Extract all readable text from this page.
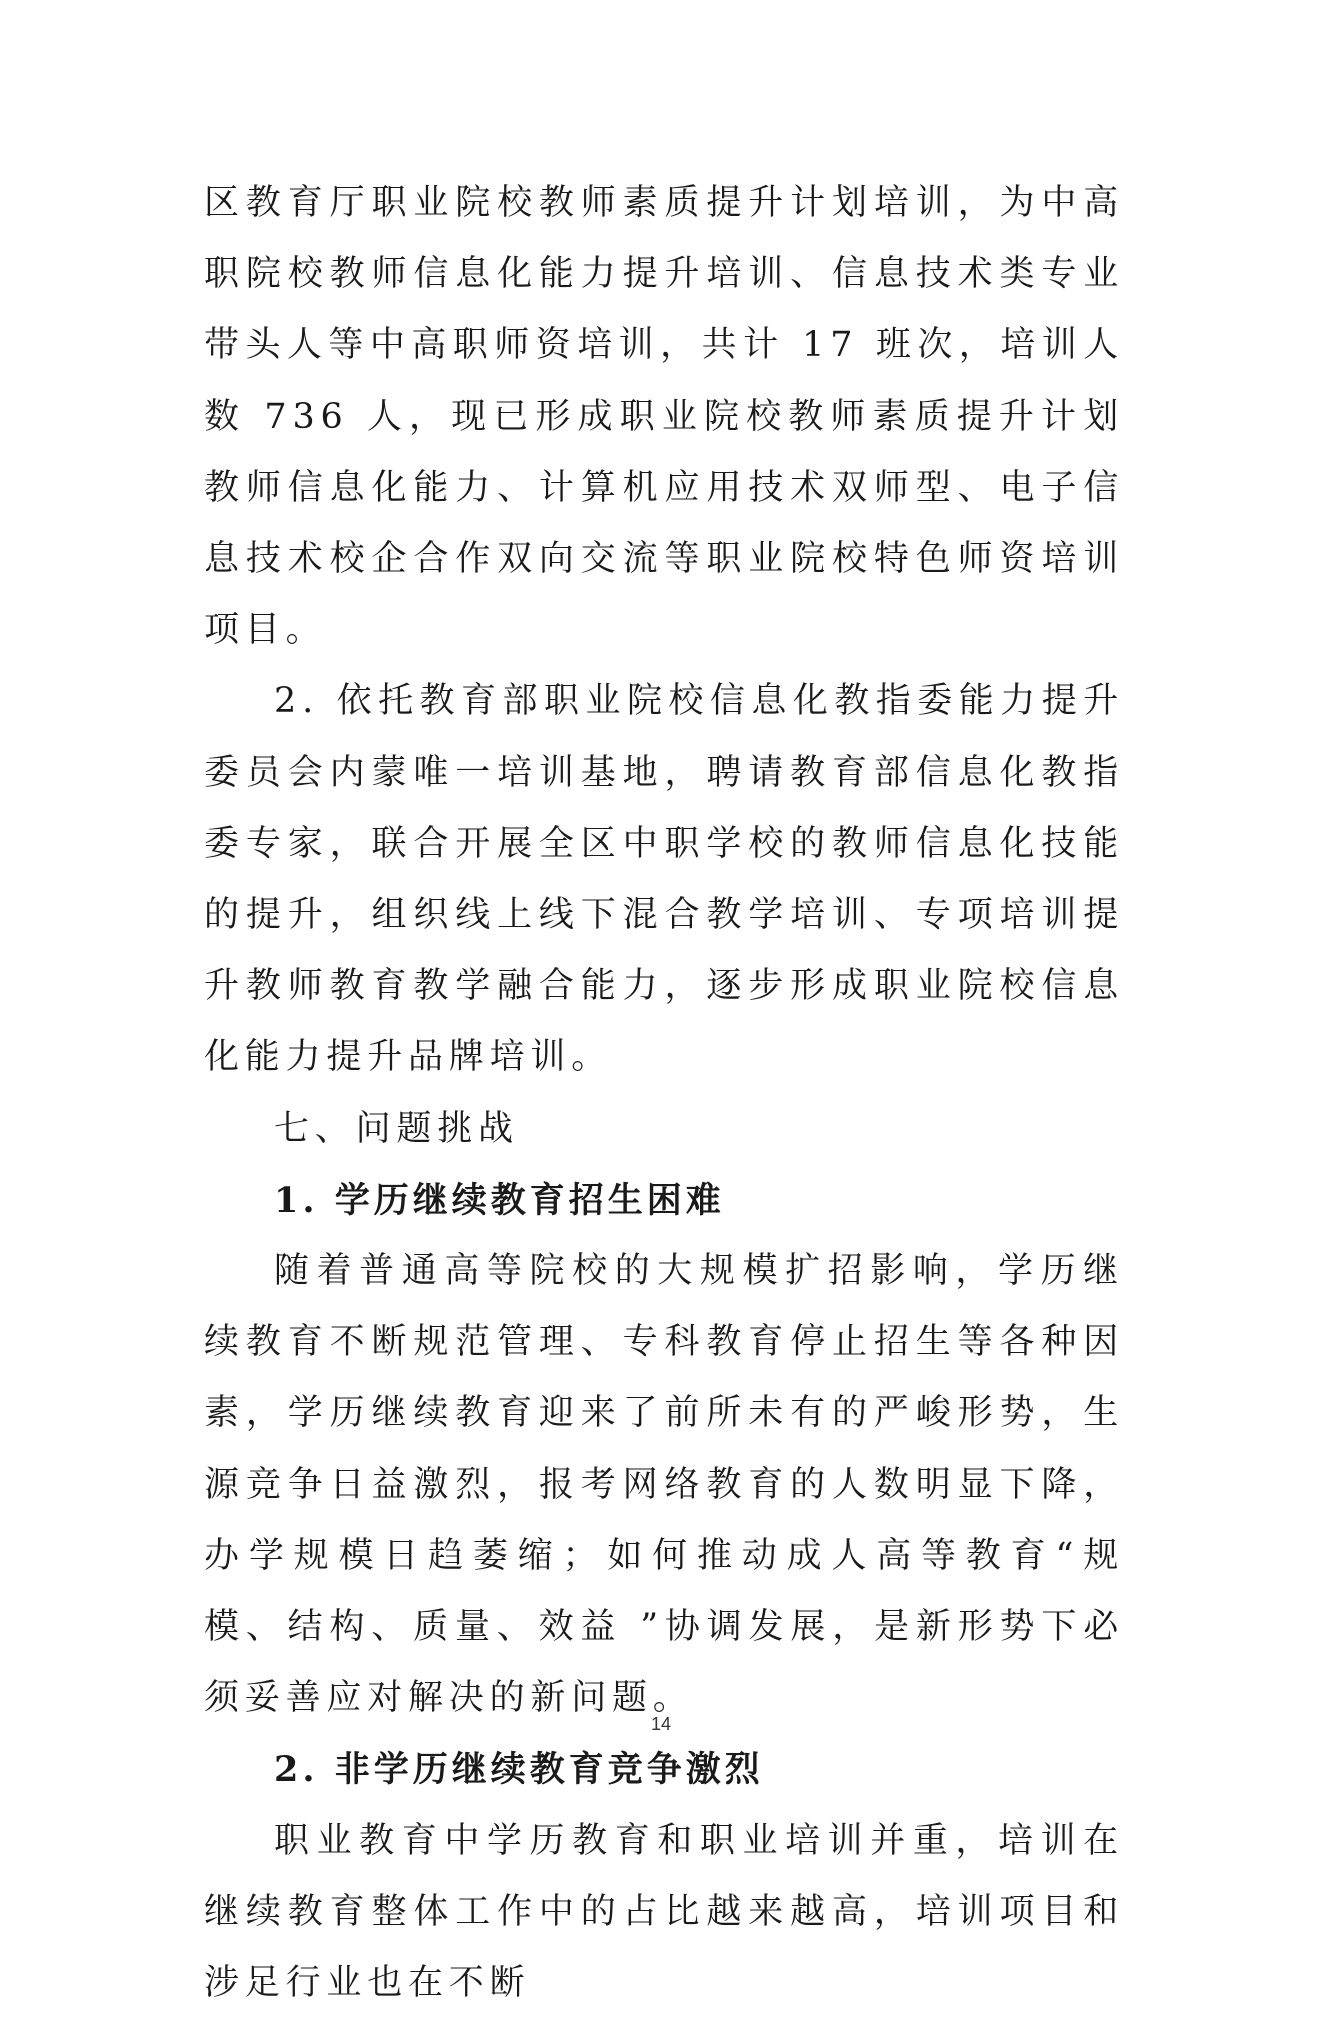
区教育厅职业院校教师素质提升计划培训，为中高职院校教师信息化能力提升培训、信息技术类专业带头人等中高职师资培训，共计 17 班次，培训人数 736 人，现已形成职业院校教师素质提升计划教师信息化能力、计算机应用技术双师型、电子信息技术校企合作双向交流等职业院校特色师资培训项目。

2. 依托教育部职业院校信息化教指委能力提升委员会内蒙唯一培训基地，聘请教育部信息化教指委专家，联合开展全区中职学校的教师信息化技能的提升，组织线上线下混合教学培训、专项培训提升教师教育教学融合能力，逐步形成职业院校信息化能力提升品牌培训。

七、问题挑战

1. 学历继续教育招生困难

随着普通高等院校的大规模扩招影响，学历继续教育不断规范管理、专科教育停止招生等各种因素，学历继续教育迎来了前所未有的严峻形势，生源竞争日益激烈，报考网络教育的人数明显下降，办学规模日趋萎缩；如何推动成人高等教育“规模、结构、质量、效益 ”协调发展，是新形势下必须妥善应对解决的新问题。

2. 非学历继续教育竞争激烈

职业教育中学历教育和职业培训并重，培训在继续教育整体工作中的占比越来越高，培训项目和涉足行业也在不断

14
